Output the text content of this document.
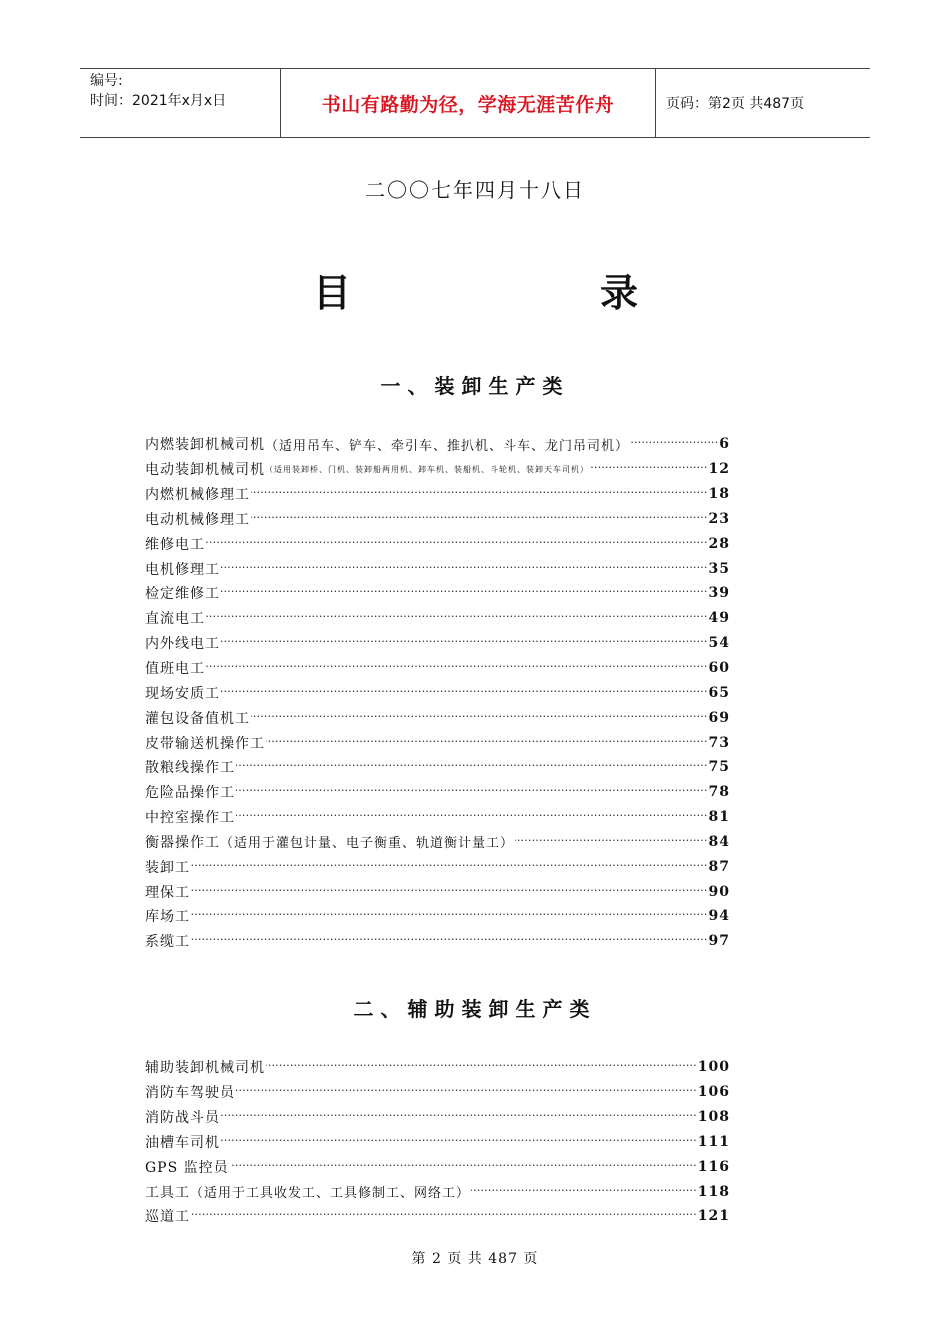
编号:
时间：2021年x月x日	书山有路勤为径，学海无涯苦作舟	页码：第2页 共487页
二〇〇七年四月十八日
目	录
一、装卸生产类
内燃装卸机械司机 （适用吊车、铲车、牵引车、推扒机、斗车、龙门吊司机） …………………………………………………………………………………………………………………………………………………………………………	6
电动装卸机械司机 （适用装卸桥、门机、装卸船两用机、卸车机、装船机、斗轮机、装卸天车司机） …………………………………………………………………………………………………………………………………………………………………………	12
内燃机械修理工 …………………………………………………………………………………………………………………………………………………………………………	18
电动机械修理工 …………………………………………………………………………………………………………………………………………………………………………	23
维修电工 …………………………………………………………………………………………………………………………………………………………………………	28
电机修理工 …………………………………………………………………………………………………………………………………………………………………………	35
检定维修工 …………………………………………………………………………………………………………………………………………………………………………	39
直流电工 …………………………………………………………………………………………………………………………………………………………………………	49
内外线电工 …………………………………………………………………………………………………………………………………………………………………………	54
值班电工 …………………………………………………………………………………………………………………………………………………………………………	60
现场安质工 …………………………………………………………………………………………………………………………………………………………………………	65
灌包设备值机工 …………………………………………………………………………………………………………………………………………………………………………	69
皮带输送机操作工 …………………………………………………………………………………………………………………………………………………………………………	73
散粮线操作工 …………………………………………………………………………………………………………………………………………………………………………	75
危险品操作工 …………………………………………………………………………………………………………………………………………………………………………	78
中控室操作工 …………………………………………………………………………………………………………………………………………………………………………	81
衡器操作工 （适用于灌包计量、电子衡重、轨道衡计量工） …………………………………………………………………………………………………………………………………………………………………………	84
装卸工 …………………………………………………………………………………………………………………………………………………………………………	87
理保工 …………………………………………………………………………………………………………………………………………………………………………	90
库场工 …………………………………………………………………………………………………………………………………………………………………………	94
系缆工 …………………………………………………………………………………………………………………………………………………………………………	97
二、辅助装卸生产类
辅助装卸机械司机 …………………………………………………………………………………………………………………………………………………………………………	100
消防车驾驶员 …………………………………………………………………………………………………………………………………………………………………………	106
消防战斗员 …………………………………………………………………………………………………………………………………………………………………………	108
油槽车司机 …………………………………………………………………………………………………………………………………………………………………………	111
GPS 监控员 …………………………………………………………………………………………………………………………………………………………………………	116
工具工 （适用于工具收发工、工具修制工、网络工） …………………………………………………………………………………………………………………………………………………………………………	118
巡道工 …………………………………………………………………………………………………………………………………………………………………………	121
第 2 页 共 487 页
